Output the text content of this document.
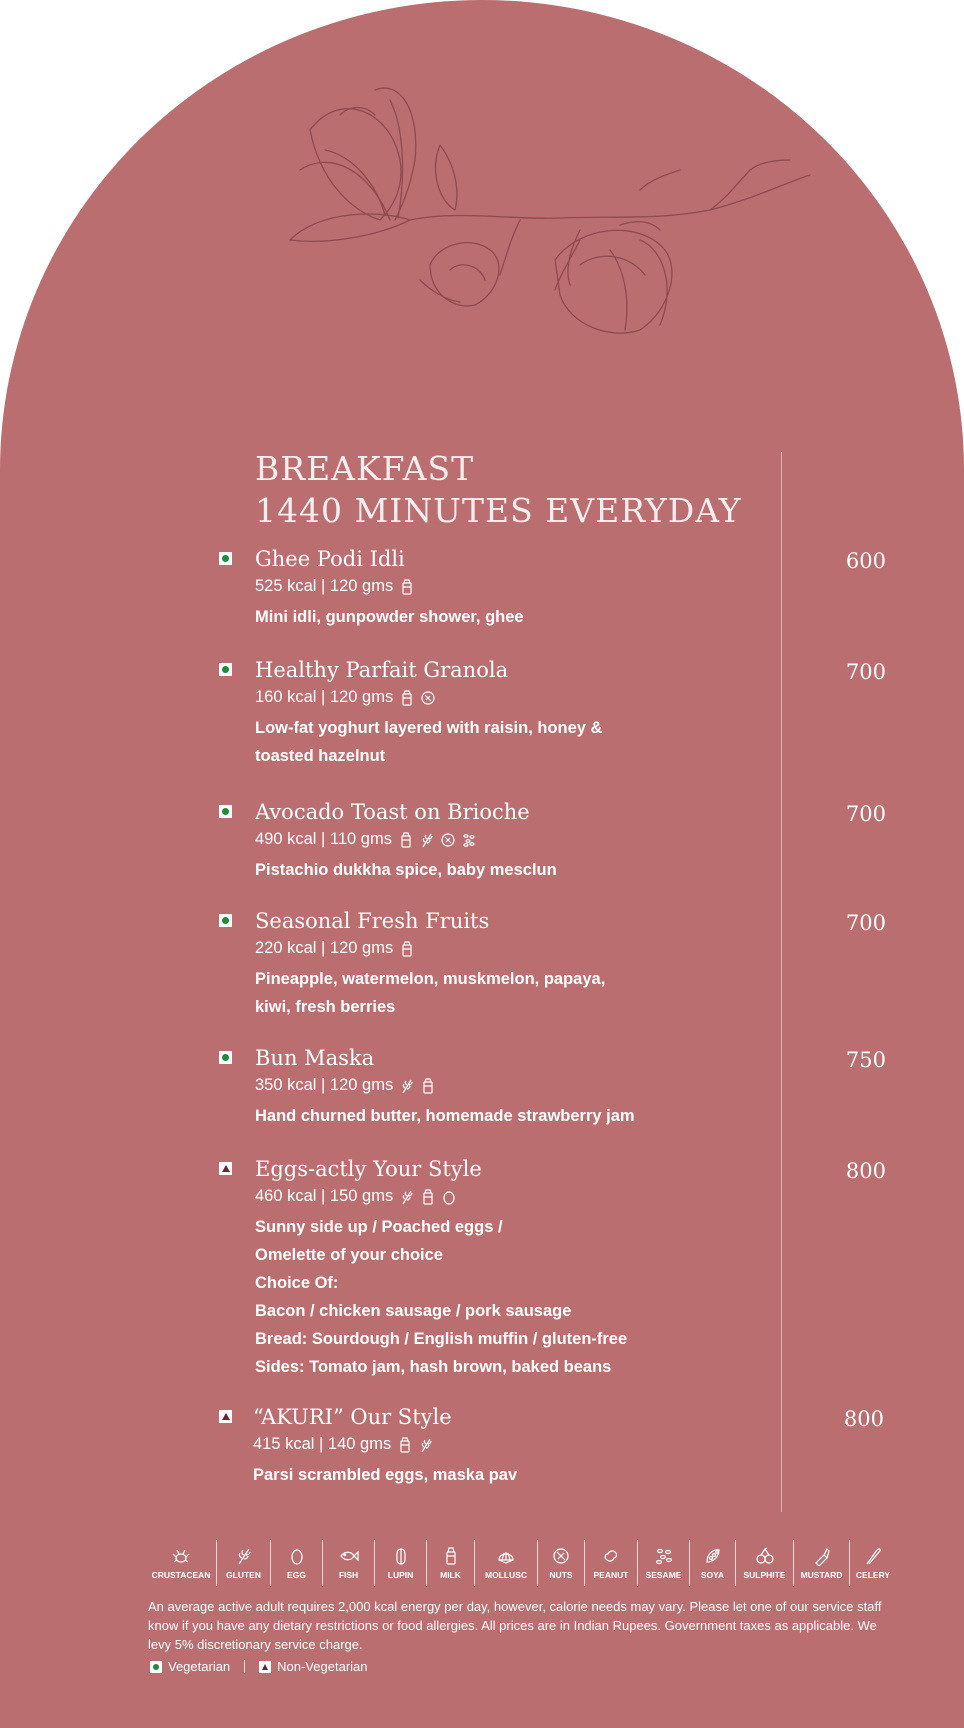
BREAKFAST
1440 MINUTES EVERYDAY
Ghee Podi Idli	600
525 kcal | 120 gms
Mini idli, gunpowder shower, ghee
Healthy Parfait Granola	700
160 kcal | 120 gms
Low-fat yoghurt layered with raisin, honey &
toasted hazelnut
Avocado Toast on Brioche	700
490 kcal | 110 gms
Pistachio dukkha spice, baby mesclun
Seasonal Fresh Fruits	700
220 kcal | 120 gms
Pineapple, watermelon, muskmelon, papaya,
kiwi, fresh berries
Bun Maska	750
350 kcal | 120 gms
Hand churned butter, homemade strawberry jam
Eggs-actly Your Style	800
460 kcal | 150 gms
Sunny side up / Poached eggs /
Omelette of your choice
Choice Of:
Bacon / chicken sausage / pork sausage
Bread: Sourdough / English muffin / gluten-free
Sides: Tomato jam, hash brown, baked beans
“AKURI” Our Style	800
415 kcal | 140 gms
Parsi scrambled eggs, maska pav
CRUSTACEAN GLUTEN	EGG	FISH	LUPIN	MILK	MOLLUSC	NUTS PEANUT SESAME SOYA SULPHITE MUSTARD CELERY
An average active adult requires 2,000 kcal energy per day, however, calorie needs may vary. Please let one of our service staff know if you have any dietary restrictions or food allergies. All prices are in Indian Rupees. Government taxes as applicable. We levy 5% discretionary service charge.
Vegetarian	Non-Vegetarian
